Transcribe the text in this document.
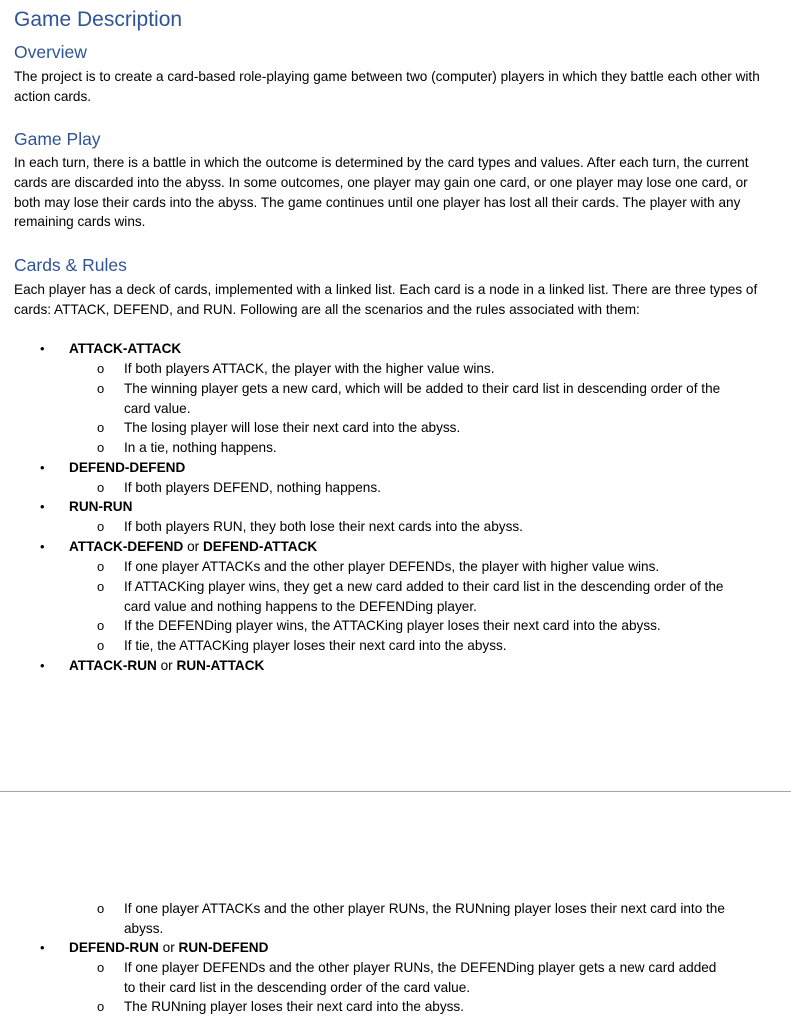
Game Description
Overview

The project is to create a card-based role-playing game between two (computer) players in which they battle each other with action cards.

Game Play

In each turn, there is a battle in which the outcome is determined by the card types and values. After each turn, the current cards are discarded into the abyss. In some outcomes, one player may gain one card, or one player may lose one card, or both may lose their cards into the abyss. The game continues until one player has lost all their cards. The player with any remaining cards wins.

Cards & Rules

Each player has a deck of cards, implemented with a linked list. Each card is a node in a linked list. There are three types of cards: ATTACK, DEFEND, and RUN. Following are all the scenarios and the rules associated with them:

• ATTACK-ATTACK
o If both players ATTACK, the player with the higher value wins.
o The winning player gets a new card, which will be added to their card list in descending order of the card value.
o The losing player will lose their next card into the abyss.
o In a tie, nothing happens.
• DEFEND-DEFEND
o If both players DEFEND, nothing happens.
• RUN-RUN
o If both players RUN, they both lose their next cards into the abyss.
• ATTACK-DEFEND or DEFEND-ATTACK
o If one player ATTACKs and the other player DEFENDs, the player with higher value wins.
o If ATTACKing player wins, they get a new card added to their card list in the descending order of the card value and nothing happens to the DEFENDing player.
o If the DEFENDing player wins, the ATTACKing player loses their next card into the abyss.
o If tie, the ATTACKing player loses their next card into the abyss.
• ATTACK-RUN or RUN-ATTACK
o If one player ATTACKs and the other player RUNs, the RUNning player loses their next card into the abyss.
• DEFEND-RUN or RUN-DEFEND
o If one player DEFENDs and the other player RUNs, the DEFENDing player gets a new card added to their card list in the descending order of the card value.
o The RUNning player loses their next card into the abyss.
